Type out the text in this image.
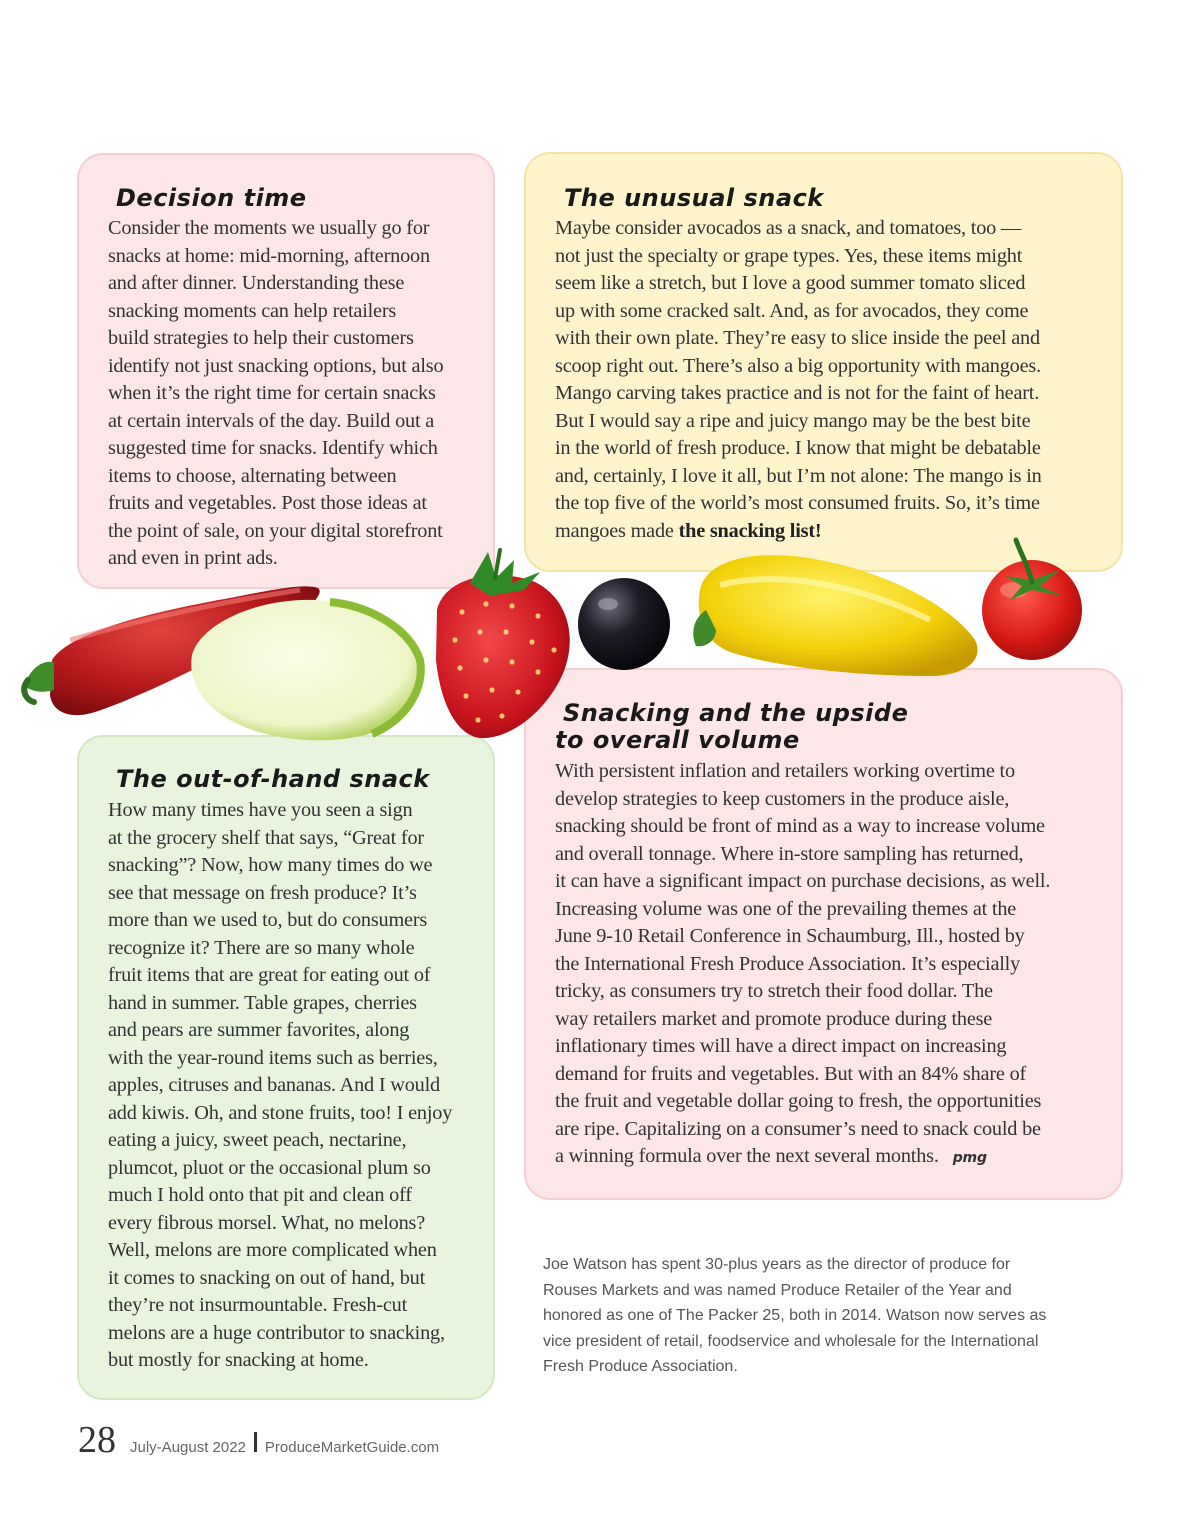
Decision time
Consider the moments we usually go for
snacks at home: mid-morning, afternoon
and after dinner. Understanding these
snacking moments can help retailers
build strategies to help their customers
identify not just snacking options, but also
when it’s the right time for certain snacks
at certain intervals of the day. Build out a
suggested time for snacks. Identify which
items to choose, alternating between
fruits and vegetables. Post those ideas at
the point of sale, on your digital storefront
and even in print ads.
The unusual snack
Maybe consider avocados as a snack, and tomatoes, too —
not just the specialty or grape types. Yes, these items might
seem like a stretch, but I love a good summer tomato sliced
up with some cracked salt. And, as for avocados, they come
with their own plate. They’re easy to slice inside the peel and
scoop right out. There’s also a big opportunity with mangoes.
Mango carving takes practice and is not for the faint of heart.
But I would say a ripe and juicy mango may be the best bite
in the world of fresh produce. I know that might be debatable
and, certainly, I love it all, but I’m not alone: The mango is in
the top five of the world’s most consumed fruits. So, it’s time
mangoes made the snacking list!
The out-of-hand snack
How many times have you seen a sign
at the grocery shelf that says, “Great for
snacking”? Now, how many times do we
see that message on fresh produce? It’s
more than we used to, but do consumers
recognize it? There are so many whole
fruit items that are great for eating out of
hand in summer. Table grapes, cherries
and pears are summer favorites, along
with the year-round items such as berries,
apples, citruses and bananas. And I would
add kiwis. Oh, and stone fruits, too! I enjoy
eating a juicy, sweet peach, nectarine,
plumcot, pluot or the occasional plum so
much I hold onto that pit and clean off
every fibrous morsel. What, no melons?
Well, melons are more complicated when
it comes to snacking on out of hand, but
they’re not insurmountable. Fresh-cut
melons are a huge contributor to snacking,
but mostly for snacking at home.
Snacking and the upside
to overall volume
With persistent inflation and retailers working overtime to
develop strategies to keep customers in the produce aisle,
snacking should be front of mind as a way to increase volume
and overall tonnage. Where in-store sampling has returned,
it can have a significant impact on purchase decisions, as well.
Increasing volume was one of the prevailing themes at the
June 9-10 Retail Conference in Schaumburg, Ill., hosted by
the International Fresh Produce Association. It’s especially
tricky, as consumers try to stretch their food dollar. The
way retailers market and promote produce during these
inflationary times will have a direct impact on increasing
demand for fruits and vegetables. But with an 84% share of
the fruit and vegetable dollar going to fresh, the opportunities
are ripe. Capitalizing on a consumer’s need to snack could be
a winning formula over the next several months. pmg
Joe Watson has spent 30-plus years as the director of produce for
Rouses Markets and was named Produce Retailer of the Year and
honored as one of The Packer 25, both in 2014. Watson now serves as
vice president of retail, foodservice and wholesale for the International
Fresh Produce Association.
28 July-August 2022 ProduceMarketGuide.com
